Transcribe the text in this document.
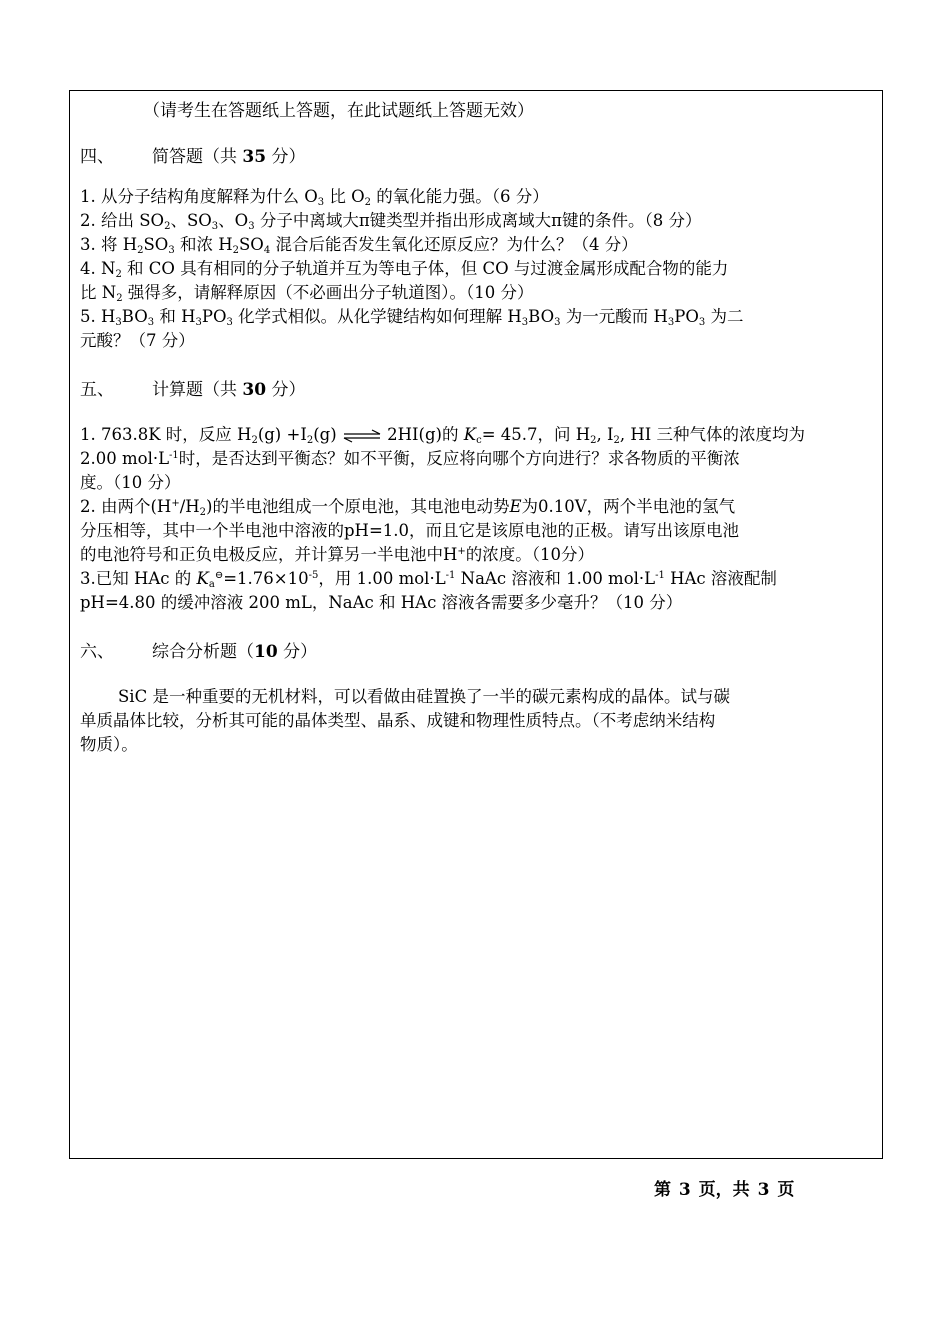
（请考生在答题纸上答题，在此试题纸上答题无效）
四、 简答题（共 35 分）
1. 从分子结构角度解释为什么 $O_3$ 比 $O_2$ 的氧化能力强。（6 分）
2. 给出 $SO_2$、$SO_3$、$O_3$ 分子中离域大π键类型并指出形成离域大π键的条件。（8 分）
3. 将 $H_2SO_3$ 和浓 $H_2SO_4$ 混合后能否发生氧化还原反应？为什么？（4 分）
4. $N_2$ 和 CO 具有相同的分子轨道并互为等电子体，但 CO 与过渡金属形成配合物的能力
比 $N_2$ 强得多，请解释原因（不必画出分子轨道图）。（10 分）
5. $H_3BO_3$ 和 $H_3PO_3$ 化学式相似。从化学键结构如何理解 $H_3BO_3$ 为一元酸而 $H_3PO_3$ 为二
元酸？（7 分）
五、 计算题（共 30 分）
1. 763.8K 时，反应 $H_2(g) +I_2(g)$ ⇌ 2HI(g)的 $K_c= 45.7$，问 $H_2$, $I_2$, HI 三种气体的浓度均为
2.00 $mol\cdot L^{-1}$时，是否达到平衡态？如不平衡，反应将向哪个方向进行？求各物质的平衡浓
度。（10 分）
2. 由两个$(H^+/H_2)$的半电池组成一个原电池，其电池电动势E为0.10V，两个半电池的氢气
分压相等，其中一个半电池中溶液的pH=1.0，而且它是该原电池的正极。请写出该原电池
的电池符号和正负电极反应，并计算另一半电池中H+的浓度。（10分）
3.已知 HAc 的 $K_a^⊖=1.76\times 10^{-5}$，用 1.00 $mol\cdot L^{-1}$ NaAc 溶液和 1.00 $mol\cdot L^{-1}$ HAc 溶液配制
pH=4.80 的缓冲溶液 200 mL，NaAc 和 HAc 溶液各需要多少毫升？（10 分）
六、 综合分析题（10 分）
SiC 是一种重要的无机材料，可以看做由硅置换了一半的碳元素构成的晶体。试与碳
单质晶体比较，分析其可能的晶体类型、晶系、成键和物理性质特点。（不考虑纳米结构
物质）。
第 3 页，共 3 页
